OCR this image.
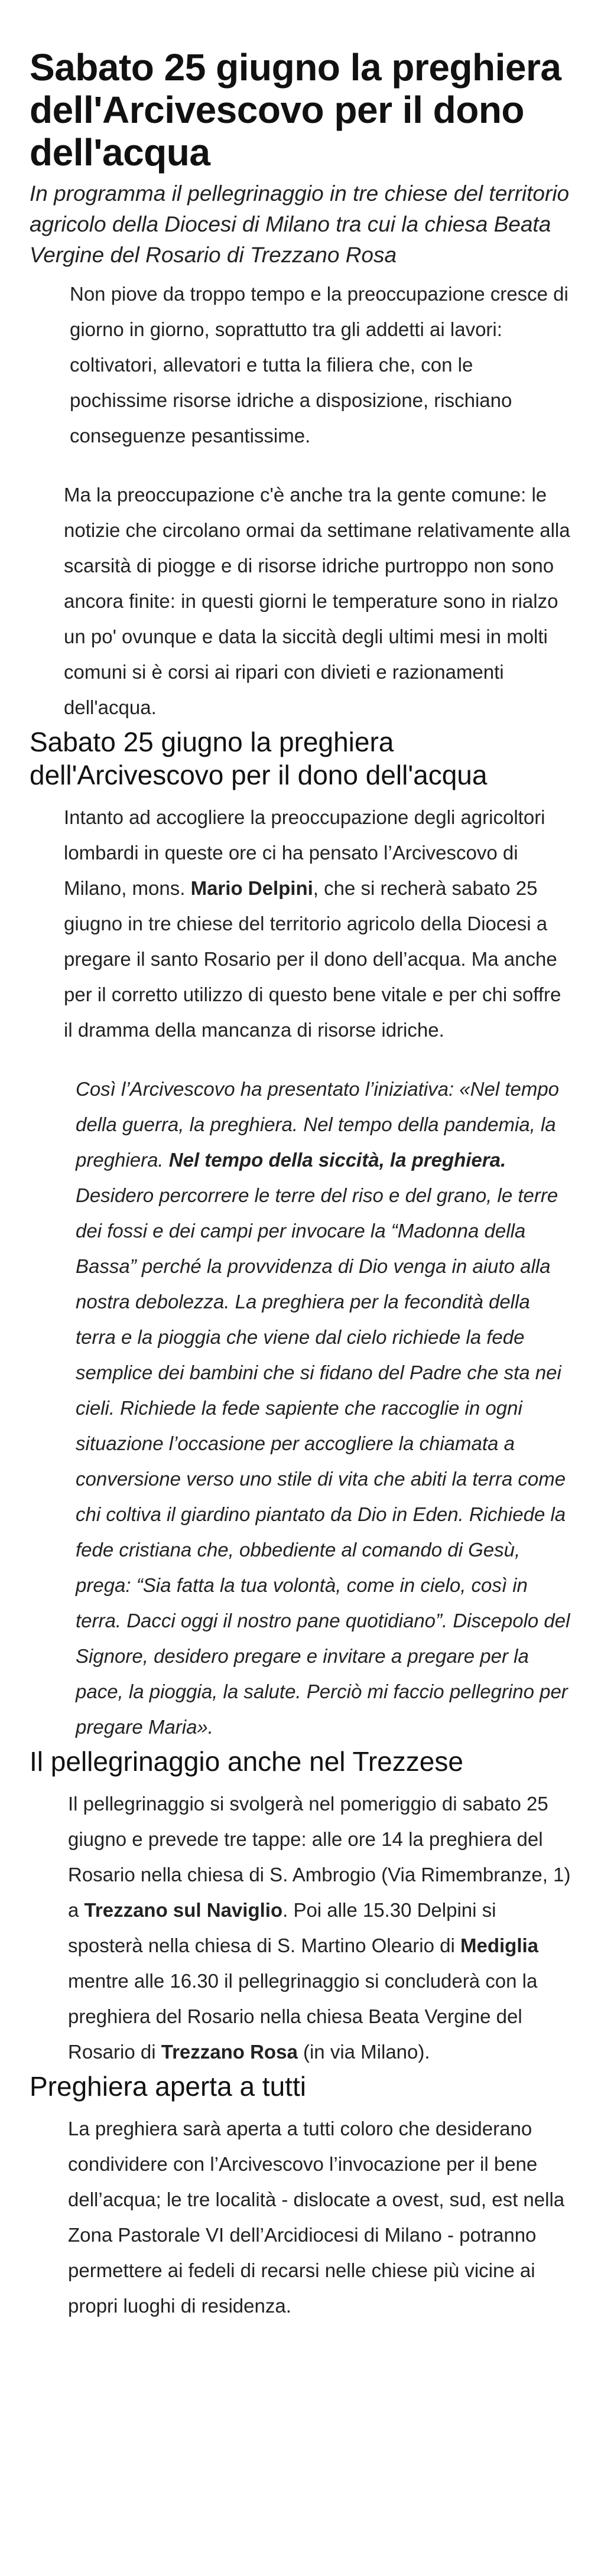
Sabato 25 giugno la preghiera dell'Arcivescovo per il dono dell'acqua

In programma il pellegrinaggio in tre chiese del territorio agricolo della Diocesi di Milano tra cui la chiesa Beata Vergine del Rosario di Trezzano Rosa

Non piove da troppo tempo e la preoccupazione cresce di giorno in giorno, soprattutto tra gli addetti ai lavori: coltivatori, allevatori e tutta la filiera che, con le pochissime risorse idriche a disposizione, rischiano conseguenze pesantissime.

Ma la preoccupazione c'è anche tra la gente comune: le notizie che circolano ormai da settimane relativamente alla scarsità di piogge e di risorse idriche purtroppo non sono ancora finite: in questi giorni le temperature sono in rialzo un po' ovunque e data la siccità degli ultimi mesi in molti comuni si è corsi ai ripari con divieti e razionamenti dell'acqua.

Sabato 25 giugno la preghiera dell'Arcivescovo per il dono dell'acqua

Intanto ad accogliere la preoccupazione degli agricoltori lombardi in queste ore ci ha pensato l’Arcivescovo di Milano, mons. Mario Delpini, che si recherà sabato 25 giugno in tre chiese del territorio agricolo della Diocesi a pregare il santo Rosario per il dono dell’acqua. Ma anche per il corretto utilizzo di questo bene vitale e per chi soffre il dramma della mancanza di risorse idriche.

Così l’Arcivescovo ha presentato l’iniziativa: «Nel tempo della guerra, la preghiera. Nel tempo della pandemia, la preghiera. Nel tempo della siccità, la preghiera. Desidero percorrere le terre del riso e del grano, le terre dei fossi e dei campi per invocare la “Madonna della Bassa” perché la provvidenza di Dio venga in aiuto alla nostra debolezza. La preghiera per la fecondità della terra e la pioggia che viene dal cielo richiede la fede semplice dei bambini che si fidano del Padre che sta nei cieli. Richiede la fede sapiente che raccoglie in ogni situazione l’occasione per accogliere la chiamata a conversione verso uno stile di vita che abiti la terra come chi coltiva il giardino piantato da Dio in Eden. Richiede la fede cristiana che, obbediente al comando di Gesù, prega: “Sia fatta la tua volontà, come in cielo, così in terra. Dacci oggi il nostro pane quotidiano”. Discepolo del Signore, desidero pregare e invitare a pregare per la pace, la pioggia, la salute. Perciò mi faccio pellegrino per pregare Maria».

Il pellegrinaggio anche nel Trezzese

Il pellegrinaggio si svolgerà nel pomeriggio di sabato 25 giugno e prevede tre tappe: alle ore 14 la preghiera del Rosario nella chiesa di S. Ambrogio (Via Rimembranze, 1) a Trezzano sul Naviglio. Poi alle 15.30 Delpini si sposterà nella chiesa di S. Martino Oleario di Mediglia mentre alle 16.30 il pellegrinaggio si concluderà con la preghiera del Rosario nella chiesa Beata Vergine del Rosario di Trezzano Rosa (in via Milano).

Preghiera aperta a tutti

La preghiera sarà aperta a tutti coloro che desiderano condividere con l’Arcivescovo l’invocazione per il bene dell’acqua; le tre località - dislocate a ovest, sud, est nella Zona Pastorale VI dell’Arcidiocesi di Milano - potranno permettere ai fedeli di recarsi nelle chiese più vicine ai propri luoghi di residenza.
